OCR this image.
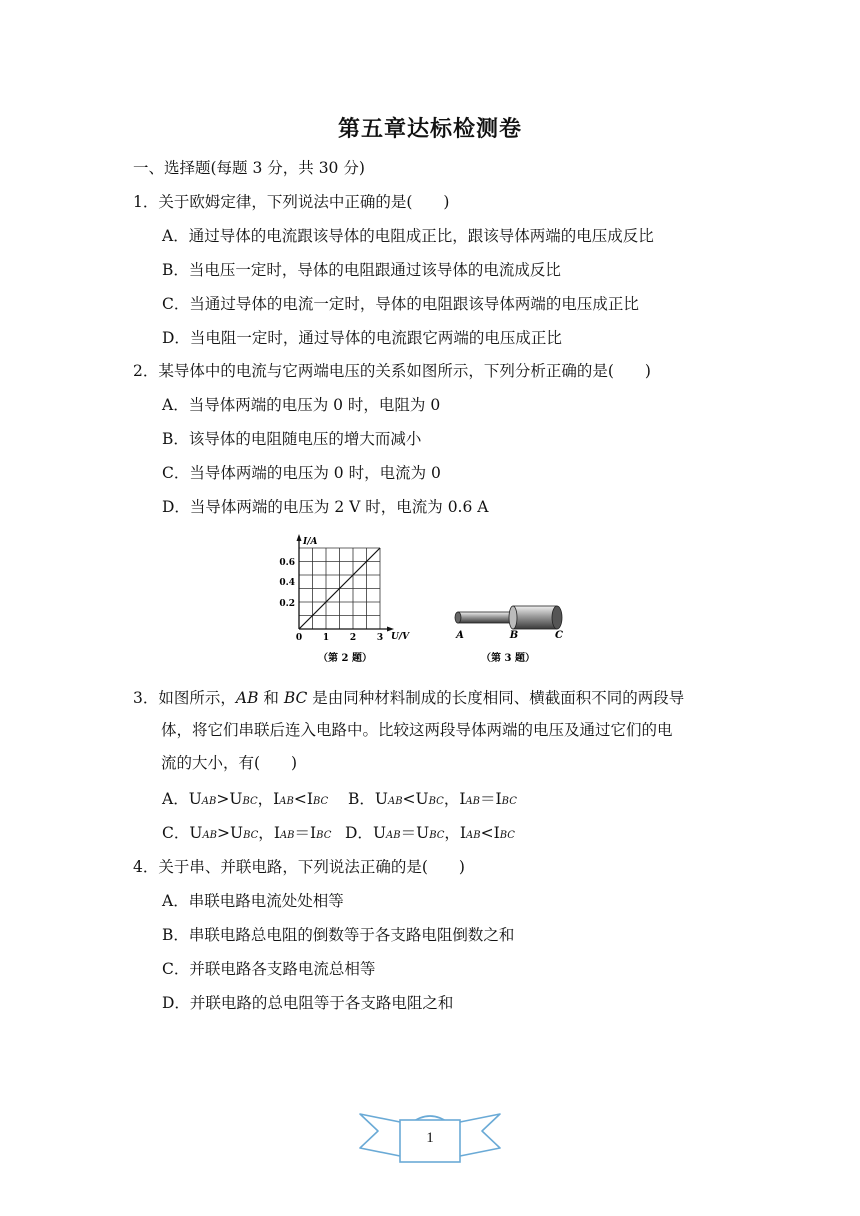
第五章达标检测卷
一、选择题(每题 3 分，共 30 分)
1．关于欧姆定律，下列说法中正确的是(　　)
A．通过导体的电流跟该导体的电阻成正比，跟该导体两端的电压成反比
B．当电压一定时，导体的电阻跟通过该导体的电流成反比
C．当通过导体的电流一定时，导体的电阻跟该导体两端的电压成正比
D．当电阻一定时，通过导体的电流跟它两端的电压成正比
2．某导体中的电流与它两端电压的关系如图所示，下列分析正确的是(　　)
A．当导体两端的电压为 0 时，电阻为 0
B．该导体的电阻随电压的增大而减小
C．当导体两端的电压为 0 时，电流为 0
D．当导体两端的电压为 2 V 时，电流为 0.6 A
I/A
U/V
0.6
0.4
0.2
0 1 2 3
（第 2 题）
A	B	C
（第 3 题）
3．如图所示，AB 和 BC 是由同种材料制成的长度相同、横截面积不同的两段导
体，将它们串联后连入电路中。比较这两段导体两端的电压及通过它们的电
流的大小，有(　　)
A．UAB>UBC，IAB<IBC B．UAB<UBC，IAB＝IBC
C．UAB>UBC，IAB＝IBC D．UAB＝UBC，IAB<IBC
4．关于串、并联电路，下列说法正确的是(　　)
A．串联电路电流处处相等
B．串联电路总电阻的倒数等于各支路电阻倒数之和
C．并联电路各支路电流总相等
D．并联电路的总电阻等于各支路电阻之和
1
